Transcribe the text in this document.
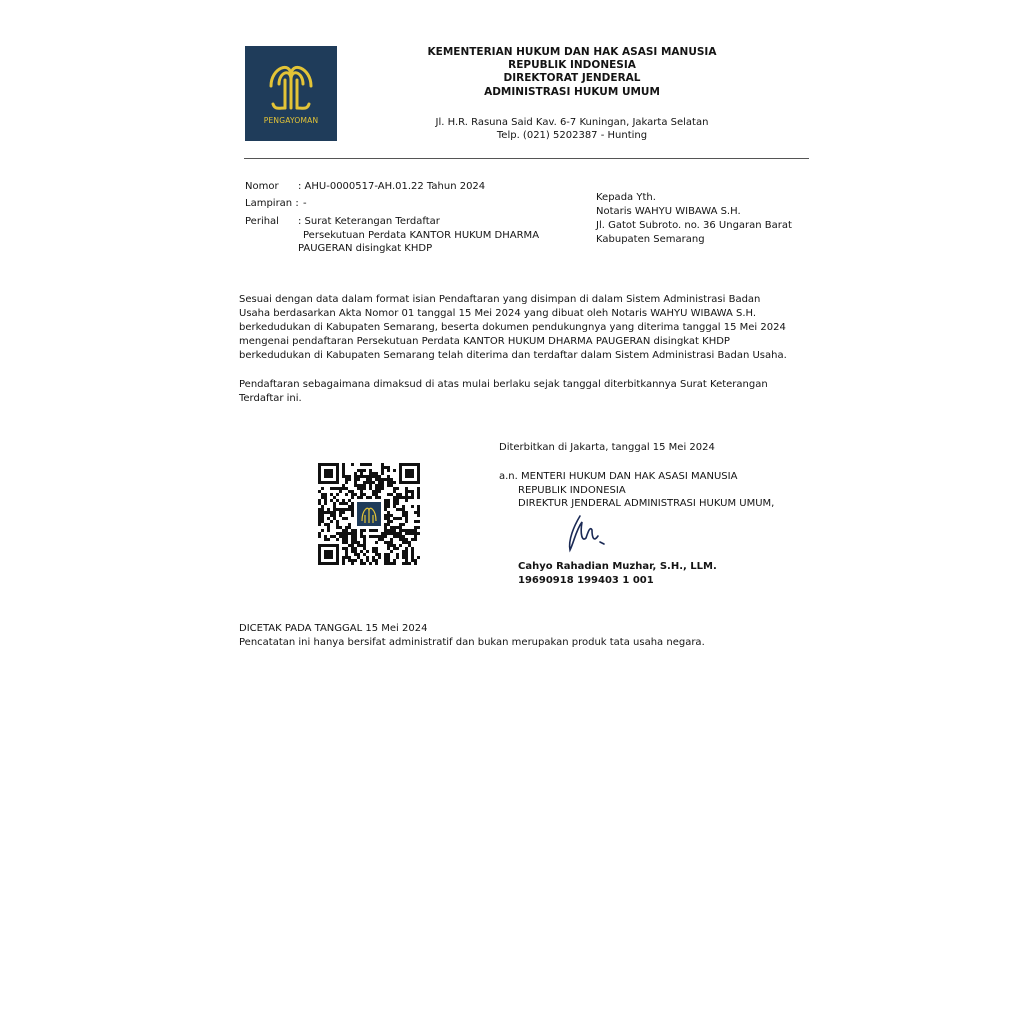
PENGAYOMAN
KEMENTERIAN HUKUM DAN HAK ASASI MANUSIA
REPUBLIK INDONESIA
DIREKTORAT JENDERAL
ADMINISTRASI HUKUM UMUM
Jl. H.R. Rasuna Said Kav. 6-7 Kuningan, Jakarta Selatan
Telp. (021) 5202387 - Hunting
Nomor : AHU-0000517-AH.01.22 Tahun 2024
Lampiran : -
Perihal : Surat Keterangan Terdaftar
Persekutuan Perdata KANTOR HUKUM DHARMA
PAUGERAN disingkat KHDP
Kepada Yth.
Notaris WAHYU WIBAWA S.H.
Jl. Gatot Subroto. no. 36 Ungaran Barat
Kabupaten Semarang
Sesuai dengan data dalam format isian Pendaftaran yang disimpan di dalam Sistem Administrasi Badan
Usaha berdasarkan Akta Nomor 01 tanggal 15 Mei 2024 yang dibuat oleh Notaris WAHYU WIBAWA S.H.
berkedudukan di Kabupaten Semarang, beserta dokumen pendukungnya yang diterima tanggal 15 Mei 2024
mengenai pendaftaran Persekutuan Perdata KANTOR HUKUM DHARMA PAUGERAN disingkat KHDP
berkedudukan di Kabupaten Semarang telah diterima dan terdaftar dalam Sistem Administrasi Badan Usaha.
Pendaftaran sebagaimana dimaksud di atas mulai berlaku sejak tanggal diterbitkannya Surat Keterangan
Terdaftar ini.
Diterbitkan di Jakarta, tanggal 15 Mei 2024
a.n. MENTERI HUKUM DAN HAK ASASI MANUSIA
REPUBLIK INDONESIA
DIREKTUR JENDERAL ADMINISTRASI HUKUM UMUM,
Cahyo Rahadian Muzhar, S.H., LLM.
19690918 199403 1 001
DICETAK PADA TANGGAL 15 Mei 2024
Pencatatan ini hanya bersifat administratif dan bukan merupakan produk tata usaha negara.
